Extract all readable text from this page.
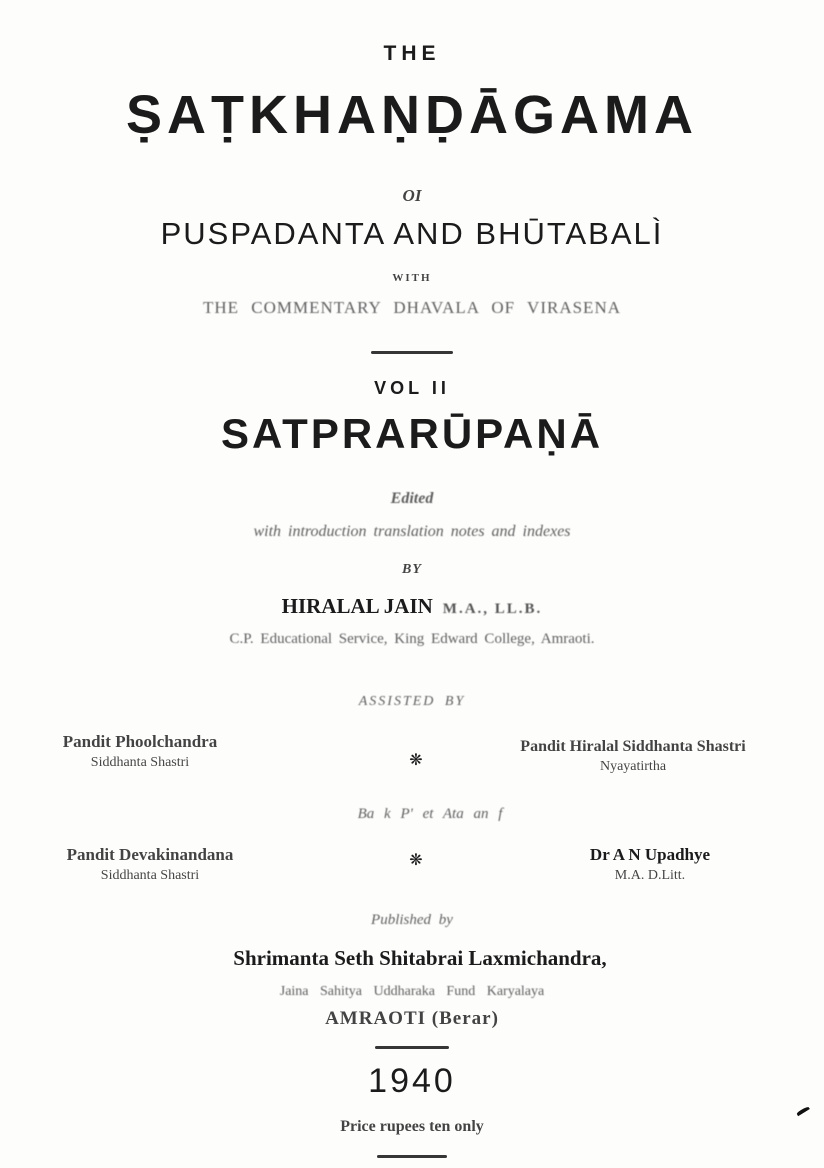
THE
ṢAṬKHAṆḌĀGAMA
OI
PUSPADANTA AND BHŪTABALÌ
WITH
THE COMMENTARY DHAVALA OF VIRASENA
VOL II
SATPRARŪPAṆĀ
Edited
with introduction translation notes and indexes
BY
HIRALAL JAIN M.A., LL.B.
C.P. Educational Service, King Edward College, Amraoti.
ASSISTED BY
Pandit Phoolchandra
Siddhanta Shastri	❋
Pandit Hiralal Siddhanta Shastri
Nyayatirtha
Ba k P' et Ata an f
Pandit Devakinandana
Siddhanta Shastri
❋	Dr A N Upadhye
M.A. D.Litt.
Published by
Shrimanta Seth Shitabrai Laxmichandra,
Jaina Sahitya Uddharaka Fund Karyalaya
AMRAOTI (Berar)
1940
Price rupees ten only
